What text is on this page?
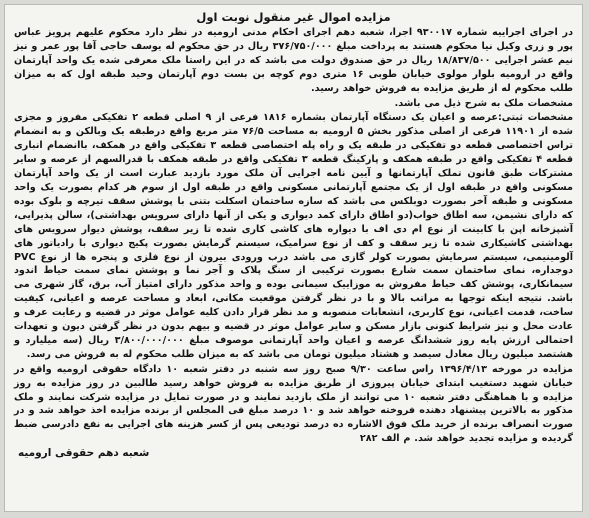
مزایده اموال غیر منقول نوبت اول

در اجرای اجراییه شماره ۹۳۰۰۱۷ اجرا، شعبه دهم اجرای احکام مدنی ارومیه در نظر دارد محکوم علیهم پرویز عباس پور و زری وکیل نیا محکوم هستند به پرداخت مبلغ ۳۷۶/۷۵۰/۰۰۰ ریال در حق محکوم له یوسف حاجی آقا پور عمر و نیز نیم عشر اجرایی ۱۸/۸۳۷/۵۰۰ ریال در حق صندوق دولت می باشد که در این راستا ملک معرفی شده یک واحد آپارتمان واقع در ارومیه بلوار مولوی خیابان طوبی ۱۶ متری دوم کوچه بن بست دوم آپارتمان وحید طبقه اول که به میزان طلب محکوم له از طریق مزایده به فروش خواهد رسید.

مشخصات ملک به شرح ذیل می باشد.

مشخصات ثبتی:عرصه و اعیان یک دستگاه آپارتمان بشماره ۱۸۱۶ فرعی از ۹ اصلی قطعه ۲ تفکیکی مفروز و مجزی شده از ۱۱۹۰۱ فرعی از اصلی مذکور بخش ۵ ارومیه به مساحت ۷۶/۵ متر مربع واقع درطبقه یک وبالکن و به انضمام تراس اختصاصی قطعه دو تفکیکی در طبقه یک و راه پله اختصاصی قطعه ۳ تفکیکی واقع در همکف، باانضمام انباری قطعه ۴ تفکیکی واقع در طبقه همکف و پارکینگ قطعه ۳ تفکیکی واقع در طبقه همکف با قدرالسهم از عرصه و سایر مشترکات طبق قانون تملک آپارتمانها و آیین نامه اجرایی آن ملک مورد بازدید عبارت است از یک واحد آپارتمان مسکونی واقع در طبقه اول از یک مجتمع آپارتمانی مسکونی واقع در طبقه اول از سوم هر کدام بصورت یک واحد مسکونی و طبقه آخر بصورت دوبلکس می باشد که سازه ساختمان اسکلت بتنی با پوشش سقف تیرچه و بلوک بوده که دارای نشیمن، سه اطاق خواب(دو اطاق دارای کمد دیواری و یکی از آنها دارای سرویس بهداشتی)، سالن پذیرایی، آشپزخانه اپن با کابینت از نوع ام دی اف با دیواره های کاشی کاری شده تا زیر سقف، پوشش دیوار سرویس های بهداشتی کاشیکاری شده تا زیر سقف و کف از نوع سرامیک، سیستم گرمایش بصورت پکیج دیواری با رادیاتور های آلومینیمی، سیستم سرمایش بصورت کولر گازی می باشد درب ورودی بیرون از نوع فلزی و پنجره ها از نوع PVC دوجداره، نمای ساختمان سمت شارع بصورت ترکیبی از سنگ پلاک و آجر نما و پوشش نمای سمت حیاط اندود سیمانکاری، پوشش کف حیاط مفروش به موزاییک سیمانی بوده و واحد مذکور دارای امتیاز آب، برق، گاز شهری می باشد. نتیجه اینکه توجها به مراتب بالا و با در نظر گرفتن موقعیت مکانی، ابعاد و مساحت عرصه و اعیانی، کیفیت ساخت، قدمت اعیانی، نوع کاربری، انشعابات منصوبه و مد نظر قرار دادن کلیه عوامل موثر در قضیه و رعایت عرف و عادت محل و نیز شرایط کنونی بازار مسکن و سایر عوامل موثر در قضیه و بیهم بدون در نظر گرفتن دیون و تعهدات احتمالی ارزش پایه روز ششدانگ عرصه و اعیان واحد آپارتمانی موصوف مبلغ ۳/۸۰۰/۰۰۰/۰۰۰ ریال (سه میلیارد و هشتصد میلیون ریال معادل سیصد و هشتاد میلیون تومان می باشد که به میزان طلب محکوم له به فروش می رسد.

مزایده در مورخه ۱۳۹۶/۴/۱۳ راس ساعت ۹/۳۰ صبح روز سه شنبه در دفتر شعبه ۱۰ دادگاه حقوقی ارومیه واقع در خیابان شهید دستغیب ابتدای خیابان پیروزی از طریق مزایده به فروش خواهد رسید طالبین در روز مزایده به روز مزایده و با هماهنگی دفتر شعبه ۱۰ می توانند از ملک بازدید نمایند و در صورت تمایل در مزایده شرکت نمایند و ملک مذکور به بالاترین پیشنهاد دهنده فروخته خواهد شد و ۱۰ درصد مبلغ فی المجلس از برنده مزایده اخذ خواهد شد و در صورت انصراف برنده از خرید ملک فوق الاشاره ده درصد تودیعی پس از کسر هزینه های اجرایی به نفع دادرسی ضبط گردیده و مزایده تجدید خواهد شد. م الف ۲۸۲

شعبه دهم حقوقی ارومیه
